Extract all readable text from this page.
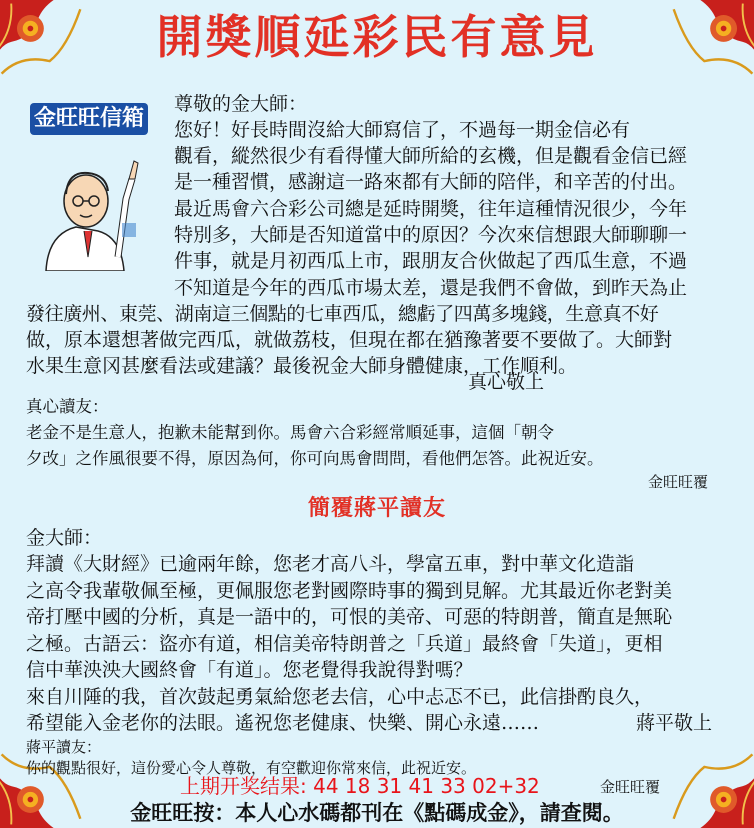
開獎順延彩民有意見
金旺旺信箱
尊敬的金大師：
您好！好長時間沒給大師寫信了，不過每一期金信必有
觀看，縱然很少有看得懂大師所給的玄機，但是觀看金信已經
是一種習慣，感謝這一路來都有大師的陪伴，和辛苦的付出。
最近馬會六合彩公司總是延時開獎，往年這種情況很少，今年
特別多，大師是否知道當中的原因？今次來信想跟大師聊聊一
件事，就是月初西瓜上市，跟朋友合伙做起了西瓜生意，不過
不知道是今年的西瓜市場太差，還是我們不會做，到昨天為止
發往廣州、東莞、湖南這三個點的七車西瓜，總虧了四萬多塊錢，生意真不好
做，原本還想著做完西瓜，就做荔枝，但現在都在猶豫著要不要做了。大師對
水果生意冈甚麼看法或建議？最後祝金大師身體健康，工作順利。
真心敬上
真心讀友：
老金不是生意人，抱歉未能幫到你。馬會六合彩經常順延事，這個「朝令
夕改」之作風很要不得，原因為何，你可向馬會問問，看他們怎答。此祝近安。
金旺旺覆
簡覆蔣平讀友
金大師：
拜讀《大財經》已逾兩年餘，您老才高八斗，學富五車，對中華文化造詣
之高令我輩敬佩至極，更佩服您老對國際時事的獨到見解。尤其最近你老對美
帝打壓中國的分析，真是一語中的，可恨的美帝、可惡的特朗普，簡直是無恥
之極。古語云：盜亦有道，相信美帝特朗普之「兵道」最終會「失道」，更相
信中華泱泱大國終會「有道」。您老覺得我說得對嗎？
來自川陲的我，首次鼓起勇氣給您老去信，心中忐忑不已，此信掛酌良久，
希望能入金老你的法眼。遙祝您老健康、快樂、開心永遠……	蔣平敬上
蔣平讀友：
你的觀點很好，這份愛心令人尊敬，有空歡迎你常來信，此祝近安。
金旺旺覆
上期开奖结果: 44 18 31 41 33 02+32
金旺旺按：本人心水碼都刊在《點碼成金》，請查閱。
